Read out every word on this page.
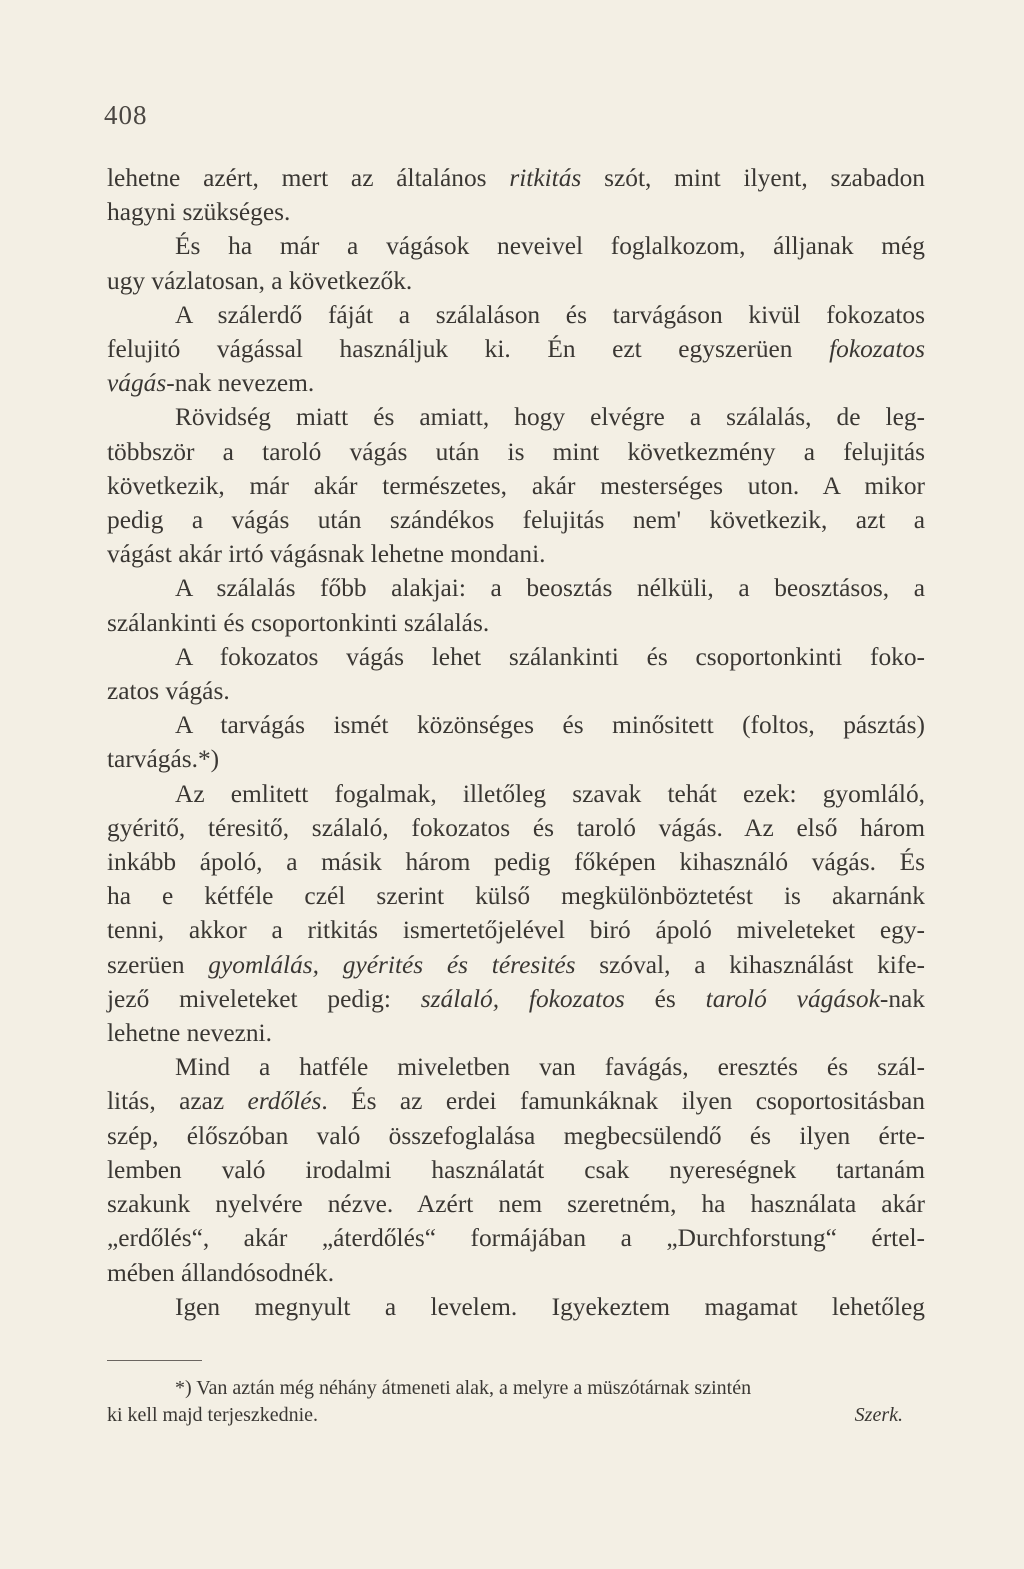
408
lehetne azért, mert az általános ritkitás szót, mint ilyent, szabadon
hagyni szükséges.
És ha már a vágások neveivel foglalkozom, álljanak még
ugy vázlatosan, a következők.
A szálerdő fáját a szálaláson és tarvágáson kivül fokozatos
felujitó vágással használjuk ki. Én ezt egyszerüen fokozatos
vágás-nak nevezem.
Rövidség miatt és amiatt, hogy elvégre a szálalás, de leg-
többször a taroló vágás után is mint következmény a felujitás
következik, már akár természetes, akár mesterséges uton. A mikor
pedig a vágás után szándékos felujitás nem' következik, azt a
vágást akár irtó vágásnak lehetne mondani.
A szálalás főbb alakjai: a beosztás nélküli, a beosztásos, a
szálankinti és csoportonkinti szálalás.
A fokozatos vágás lehet szálankinti és csoportonkinti foko-
zatos vágás.
A tarvágás ismét közönséges és minősitett (foltos, pásztás)
tarvágás.*)
Az emlitett fogalmak, illetőleg szavak tehát ezek: gyomláló,
gyéritő, téresitő, szálaló, fokozatos és taroló vágás. Az első három
inkább ápoló, a másik három pedig főképen kihasználó vágás. És
ha e kétféle czél szerint külső megkülönböztetést is akarnánk
tenni, akkor a ritkitás ismertetőjelével biró ápoló miveleteket egy-
szerüen gyomlálás, gyérités és téresités szóval, a kihasználást kife-
jező miveleteket pedig: szálaló, fokozatos és taroló vágások-nak
lehetne nevezni.
Mind a hatféle miveletben van favágás, eresztés és szál-
litás, azaz erdőlés. És az erdei famunkáknak ilyen csoportositásban
szép, élőszóban való összefoglalása megbecsülendő és ilyen érte-
lemben való irodalmi használatát csak nyereségnek tartanám
szakunk nyelvére nézve. Azért nem szeretném, ha használata akár
„erdőlés“, akár „áterdőlés“ formájában a „Durchforstung“ értel-
mében állandósodnék.
Igen megnyult a levelem. Igyekeztem magamat lehetőleg
*) Van aztán még néhány átmeneti alak, a melyre a müszótárnak szintén
ki kell majd terjeszkednie.	Szerk.
